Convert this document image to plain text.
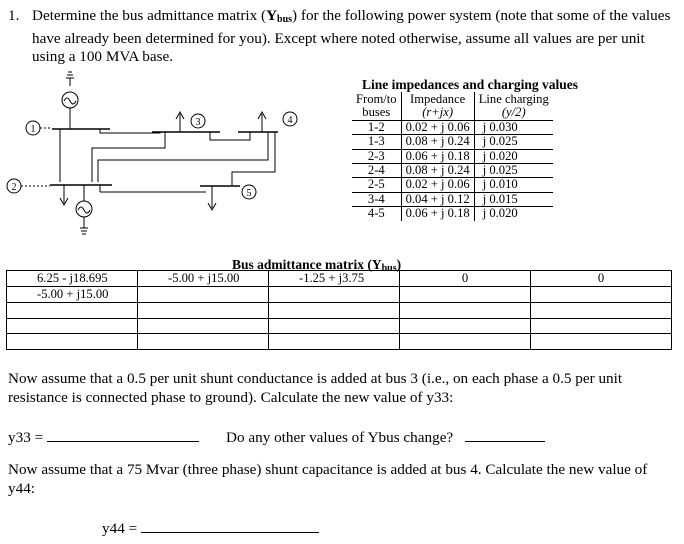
1. Determine the bus admittance matrix $(Y_{bus})$ for the following power system (note that some of the values have already been determined for you). Except where noted otherwise, assume all values are per unit using a 100 MVA base.
1
3	4
2
5
Line impedances and charging values
From/to	Impedance	Line charging
buses	(r+jx)	(y/2)
1-2	0.02 + j 0.06	j 0.030
1-3	0.08 + j 0.24	j 0.025
2-3	0.06 + j 0.18	j 0.020
2-4	0.08 + j 0.24	j 0.025
2-5	0.02 + j 0.06	j 0.010
3-4	0.04 + j 0.12	j 0.015
4-5	0.06 + j 0.18	j 0.020
Bus admittance matrix $(Y_{bus})$
6.25 - j18.695	-5.00 + j15.00	-1.25 + j3.75	0	0

-5.00 + j15.00				

Now assume that a 0.5 per unit shunt conductance is added at bus 3 (i.e., on each phase a 0.5 per unit resistance is connected phase to ground). Calculate the new value of y33:
y33 =	Do any other values of Ybus change?
Now assume that a 75 Mvar (three phase) shunt capacitance is added at bus 4. Calculate the new value of y44:
y44 =
